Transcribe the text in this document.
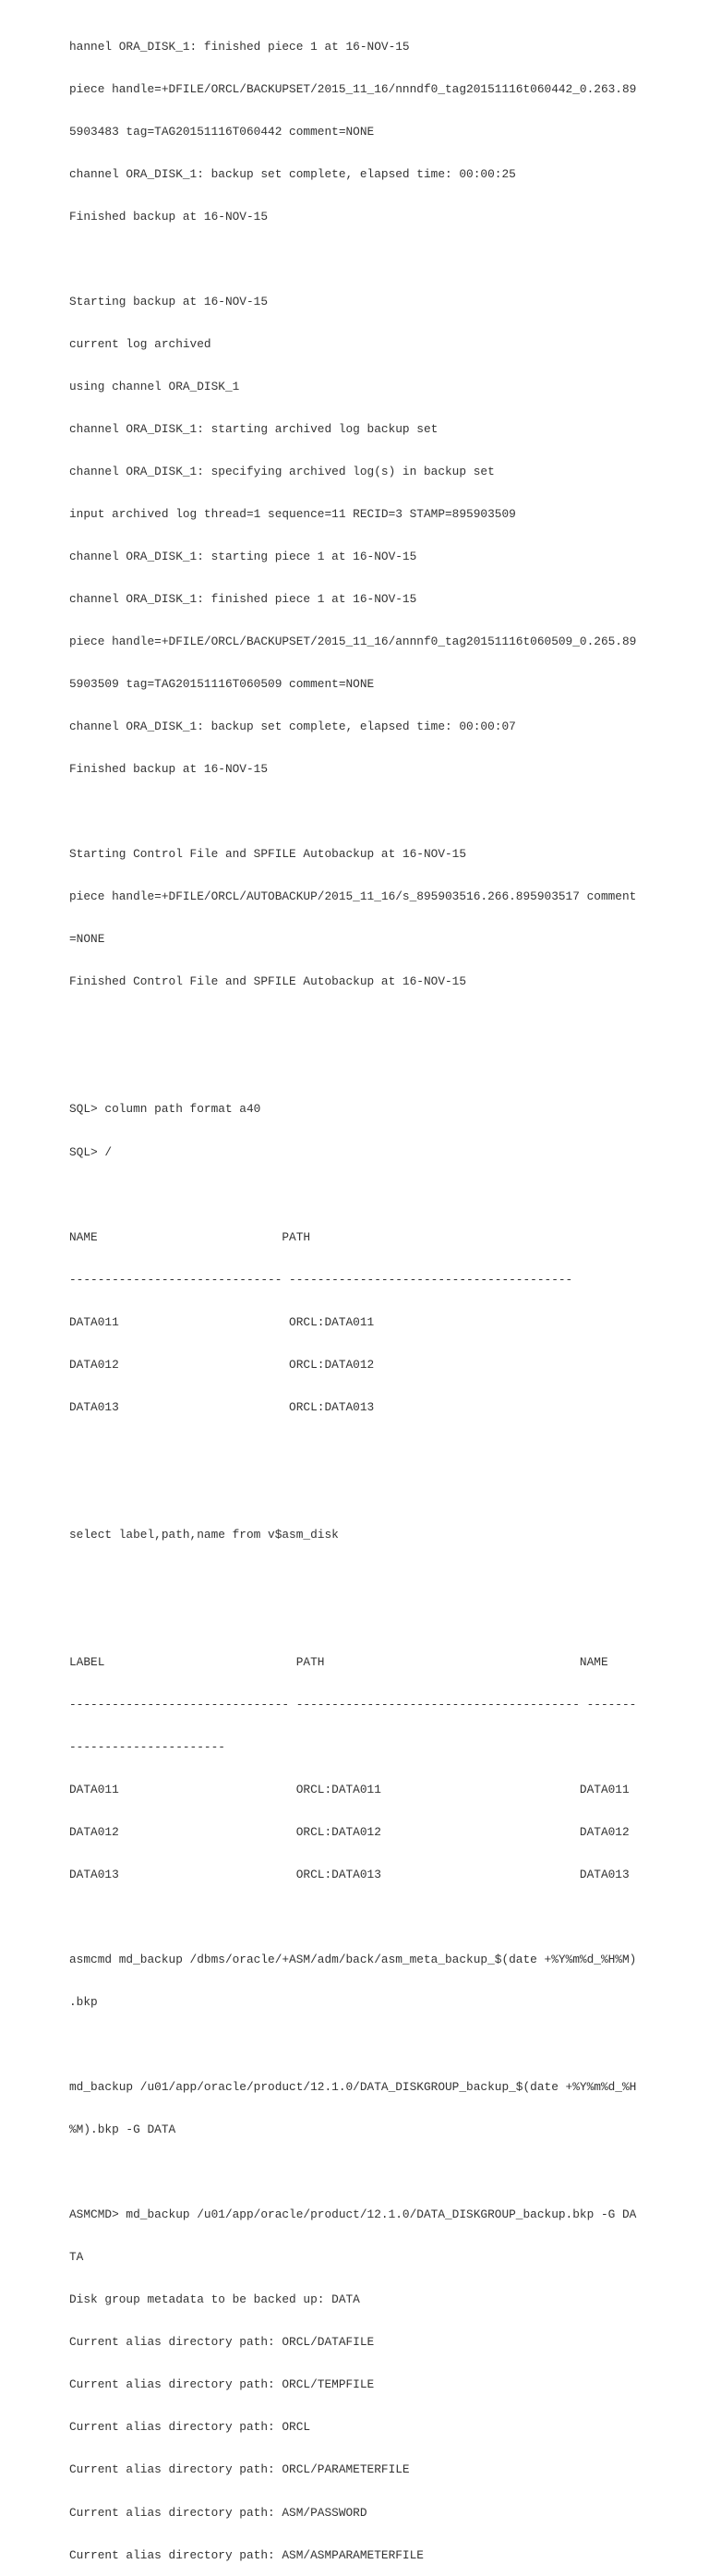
hannel ORA_DISK_1: finished piece 1 at 16-NOV-15

piece handle=+DFILE/ORCL/BACKUPSET/2015_11_16/nnndf0_tag20151116t060442_0.263.89

5903483 tag=TAG20151116T060442 comment=NONE

channel ORA_DISK_1: backup set complete, elapsed time: 00:00:25

Finished backup at 16-NOV-15

Starting backup at 16-NOV-15

current log archived

using channel ORA_DISK_1

channel ORA_DISK_1: starting archived log backup set

channel ORA_DISK_1: specifying archived log(s) in backup set

input archived log thread=1 sequence=11 RECID=3 STAMP=895903509

channel ORA_DISK_1: starting piece 1 at 16-NOV-15

channel ORA_DISK_1: finished piece 1 at 16-NOV-15

piece handle=+DFILE/ORCL/BACKUPSET/2015_11_16/annnf0_tag20151116t060509_0.265.89

5903509 tag=TAG20151116T060509 comment=NONE

channel ORA_DISK_1: backup set complete, elapsed time: 00:00:07

Finished backup at 16-NOV-15

Starting Control File and SPFILE Autobackup at 16-NOV-15

piece handle=+DFILE/ORCL/AUTOBACKUP/2015_11_16/s_895903516.266.895903517 comment

=NONE

Finished Control File and SPFILE Autobackup at 16-NOV-15

SQL> column path format a40

SQL> /

NAME                          PATH

------------------------------ ----------------------------------------

DATA011                        ORCL:DATA011

DATA012                        ORCL:DATA012

DATA013                        ORCL:DATA013

select label,path,name from v$asm_disk

LABEL                           PATH                                    NAME

------------------------------- ---------------------------------------- -------

----------------------

DATA011                         ORCL:DATA011                            DATA011

DATA012                         ORCL:DATA012                            DATA012

DATA013                         ORCL:DATA013                            DATA013

asmcmd md_backup /dbms/oracle/+ASM/adm/back/asm_meta_backup_$(date +%Y%m%d_%H%M)

.bkp

md_backup /u01/app/oracle/product/12.1.0/DATA_DISKGROUP_backup_$(date +%Y%m%d_%H

%M).bkp -G DATA

ASMCMD> md_backup /u01/app/oracle/product/12.1.0/DATA_DISKGROUP_backup.bkp -G DA

TA

Disk group metadata to be backed up: DATA

Current alias directory path: ORCL/DATAFILE

Current alias directory path: ORCL/TEMPFILE

Current alias directory path: ORCL

Current alias directory path: ORCL/PARAMETERFILE

Current alias directory path: ASM/PASSWORD

Current alias directory path: ASM/ASMPARAMETERFILE
